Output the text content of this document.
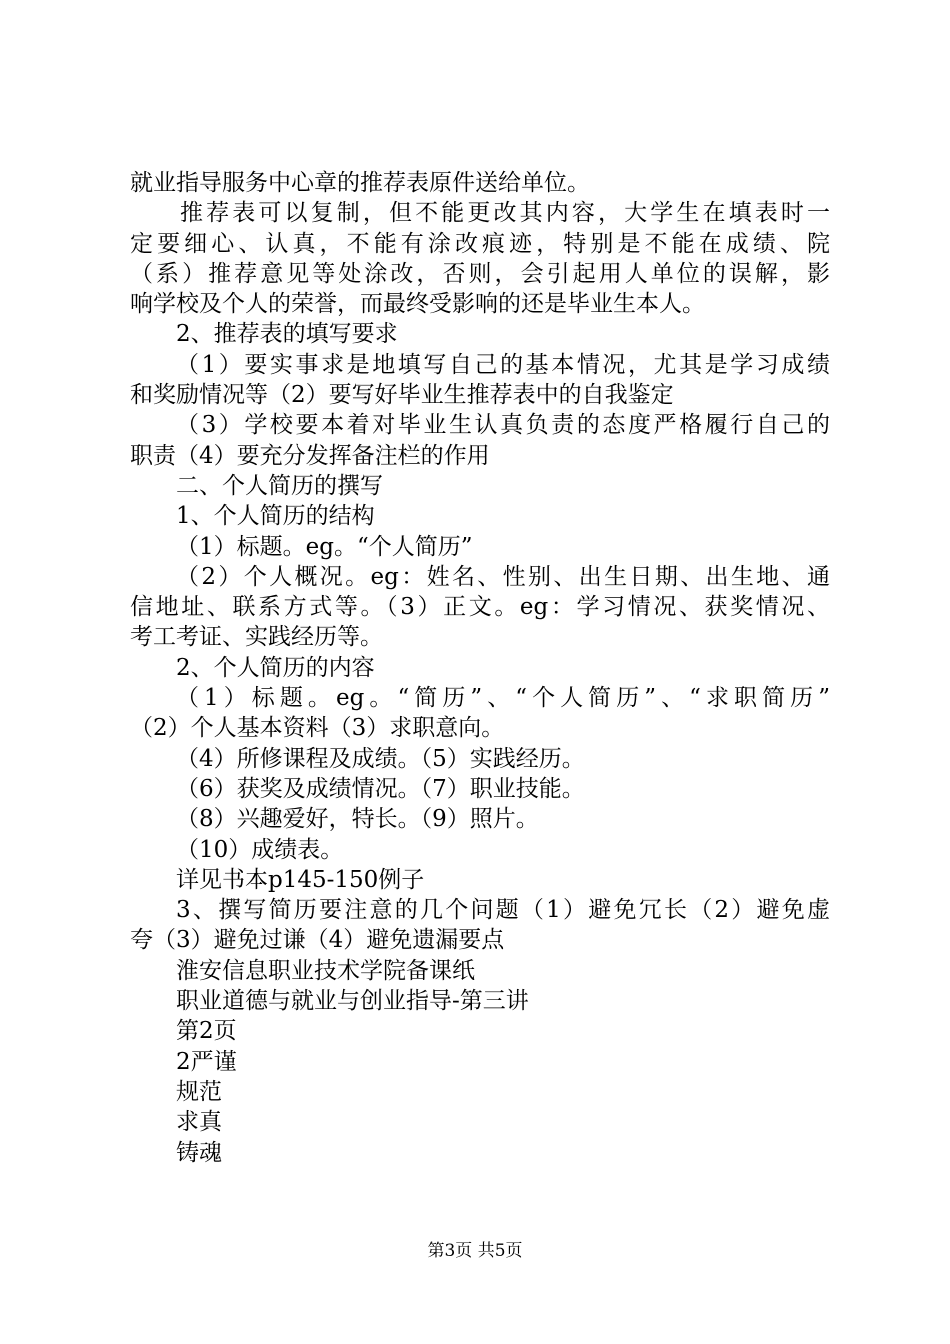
就业指导服务中心章的推荐表原件送给单位。
推荐表可以复制，但不能更改其内容，大学生在填表时一
定要细心、认真，不能有涂改痕迹，特别是不能在成绩、院
（系）推荐意见等处涂改，否则，会引起用人单位的误解，影
响学校及个人的荣誉，而最终受影响的还是毕业生本人。
2、推荐表的填写要求
（1）要实事求是地填写自己的基本情况，尤其是学习成绩
和奖励情况等（2）要写好毕业生推荐表中的自我鉴定
（3）学校要本着对毕业生认真负责的态度严格履行自己的
职责（4）要充分发挥备注栏的作用
二、个人简历的撰写
1、个人简历的结构
（1）标题。eg。“个人简历”
（2）个人概况。eg：姓名、性别、出生日期、出生地、通
信地址、联系方式等。（3）正文。eg：学习情况、获奖情况、
考工考证、实践经历等。
2、个人简历的内容
（1）标题。eg。“简历”、“个人简历”、“求职简历”
（2）个人基本资料（3）求职意向。
（4）所修课程及成绩。（5）实践经历。
（6）获奖及成绩情况。（7）职业技能。
（8）兴趣爱好，特长。（9）照片。
（10）成绩表。
详见书本p145-150例子
3、撰写简历要注意的几个问题（1）避免冗长（2）避免虚
夸（3）避免过谦（4）避免遗漏要点
淮安信息职业技术学院备课纸
职业道德与就业与创业指导-第三讲
第2页
2严谨
规范
求真
铸魂
第3页 共5页
